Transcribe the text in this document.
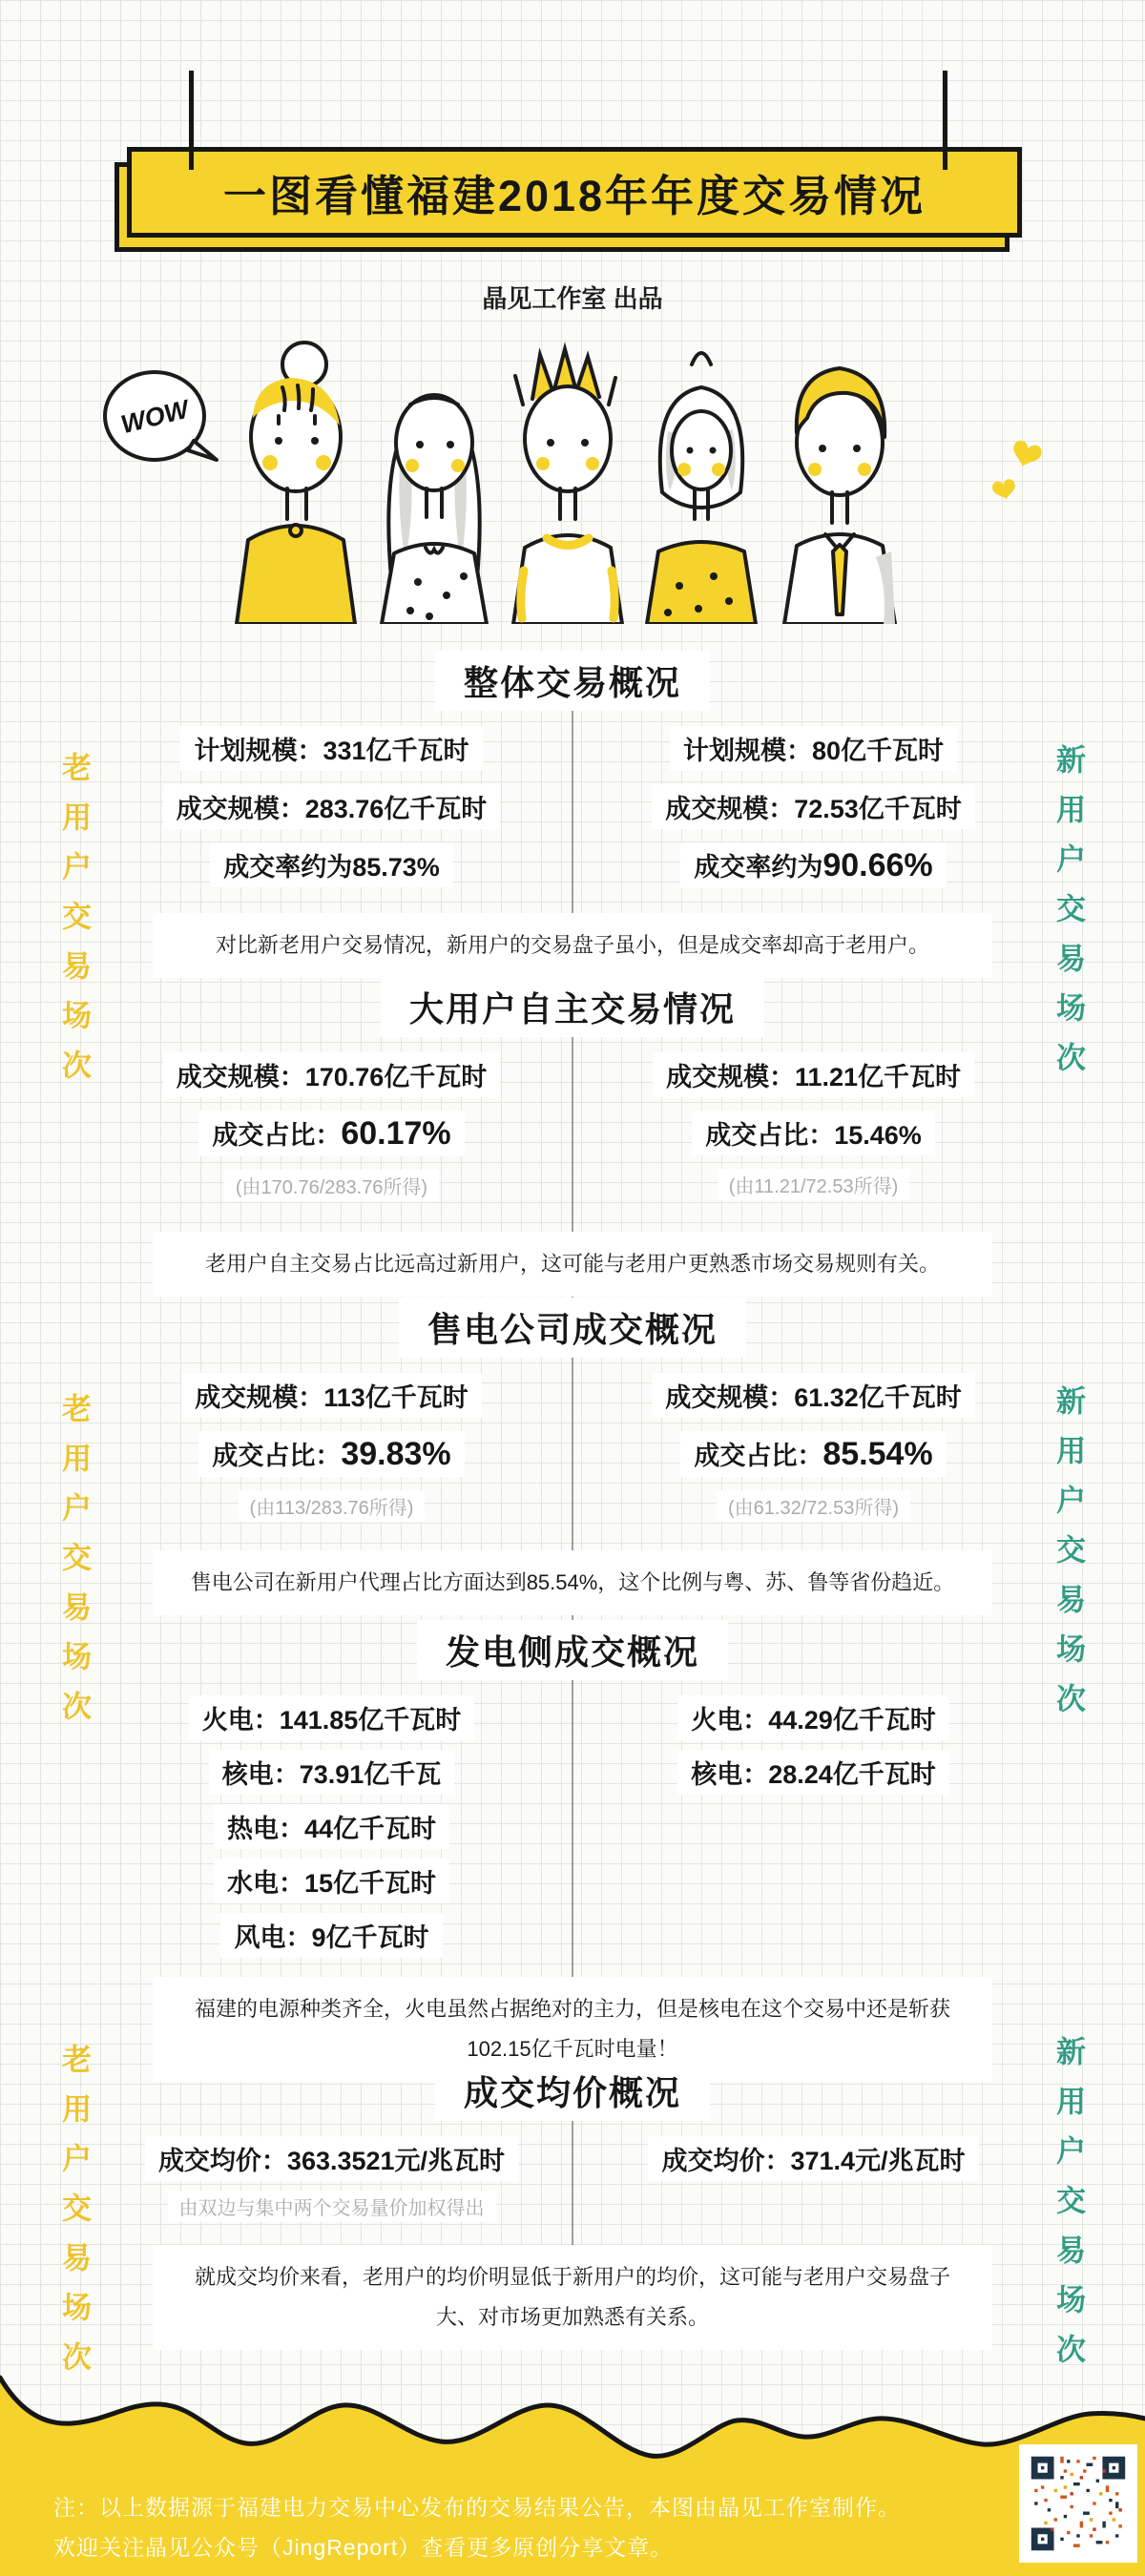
一图看懂福建2018年年度交易情况
晶见工作室 出品
WOW
老用户交易场次
老用户交易场次
老用户交易场次
新用户交易场次
新用户交易场次
新用户交易场次
整体交易概况

计划规模：331亿千瓦时

成交规模：283.76亿千瓦时

成交率约为85.73%

计划规模：80亿千瓦时

成交规模：72.53亿千瓦时

成交率约为90.66%

对比新老用户交易情况，新用户的交易盘子虽小，但是成交率却高于老用户。

大用户自主交易情况

成交规模：170.76亿千瓦时

成交占比：60.17%

(由170.76/283.76所得)

成交规模：11.21亿千瓦时

成交占比：15.46%

(由11.21/72.53所得)

老用户自主交易占比远高过新用户，这可能与老用户更熟悉市场交易规则有关。

售电公司成交概况

成交规模：113亿千瓦时

成交占比：39.83%

(由113/283.76所得)

成交规模：61.32亿千瓦时

成交占比：85.54%

(由61.32/72.53所得)

售电公司在新用户代理占比方面达到85.54%，这个比例与粤、苏、鲁等省份趋近。

发电侧成交概况

火电：141.85亿千瓦时

核电：73.91亿千瓦

热电：44亿千瓦时

水电：15亿千瓦时

风电：9亿千瓦时

火电：44.29亿千瓦时

核电：28.24亿千瓦时

福建的电源种类齐全，火电虽然占据绝对的主力，但是核电在这个交易中还是斩获102.15亿千瓦时电量！

成交均价概况

成交均价：363.3521元/兆瓦时

由双边与集中两个交易量价加权得出

成交均价：371.4元/兆瓦时

就成交均价来看，老用户的均价明显低于新用户的均价，这可能与老用户交易盘子大、对市场更加熟悉有关系。

注：以上数据源于福建电力交易中心发布的交易结果公告，本图由晶见工作室制作。
欢迎关注晶见公众号（JingReport）查看更多原创分享文章。
